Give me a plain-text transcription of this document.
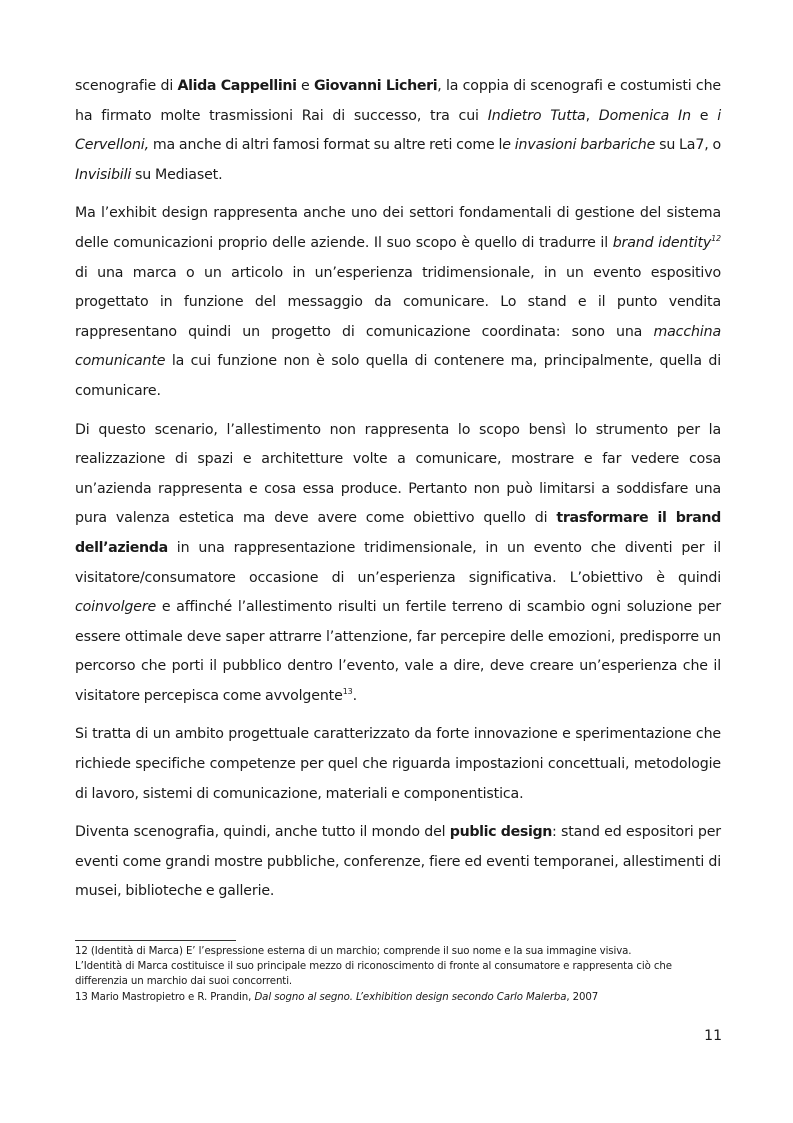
scenografie di Alida Cappellini e Giovanni Licheri, la coppia di scenografi e costumisti che ha firmato molte trasmissioni Rai di successo, tra cui Indietro Tutta, Domenica In e i Cervelloni, ma anche di altri famosi format su altre reti come le invasioni barbariche su La7, o Invisibili su Mediaset.

Ma l’exhibit design rappresenta anche uno dei settori fondamentali di gestione del sistema delle comunicazioni proprio delle aziende. Il suo scopo è quello di tradurre il brand identity$^{12}$ di una marca o un articolo in un’esperienza tridimensionale, in un evento espositivo progettato in funzione del messaggio da comunicare. Lo stand e il punto vendita rappresentano quindi un progetto di comunicazione coordinata: sono una macchina comunicante la cui funzione non è solo quella di contenere ma, principalmente, quella di comunicare.

Di questo scenario, l’allestimento non rappresenta lo scopo bensì lo strumento per la realizzazione di spazi e architetture volte a comunicare, mostrare e far vedere cosa un’azienda rappresenta e cosa essa produce. Pertanto non può limitarsi a soddisfare una pura valenza estetica ma deve avere come obiettivo quello di trasformare il brand dell’azienda in una rappresentazione tridimensionale, in un evento che diventi per il visitatore/consumatore occasione di un’esperienza significativa. L’obiettivo è quindi coinvolgere e affinché l’allestimento risulti un fertile terreno di scambio ogni soluzione per essere ottimale deve saper attrarre l’attenzione, far percepire delle emozioni, predisporre un percorso che porti il pubblico dentro l’evento, vale a dire, deve creare un’esperienza che il visitatore percepisca come avvolgente$^{13}$.

Si tratta di un ambito progettuale caratterizzato da forte innovazione e sperimentazione che richiede specifiche competenze per quel che riguarda impostazioni concettuali, metodologie di lavoro, sistemi di comunicazione, materiali e componentistica.

Diventa scenografia, quindi, anche tutto il mondo del public design: stand ed espositori per eventi come grandi mostre pubbliche, conferenze, fiere ed eventi temporanei, allestimenti di musei, biblioteche e gallerie.

12 (Identità di Marca) E’ l’espressione esterna di un marchio; comprende il suo nome e la sua immagine visiva.

L’Identità di Marca costituisce il suo principale mezzo di riconoscimento di fronte al consumatore e rappresenta ciò che differenzia un marchio dai suoi concorrenti.

13 Mario Mastropietro e R. Prandin, Dal sogno al segno. L’exhibition design secondo Carlo Malerba, 2007

11
